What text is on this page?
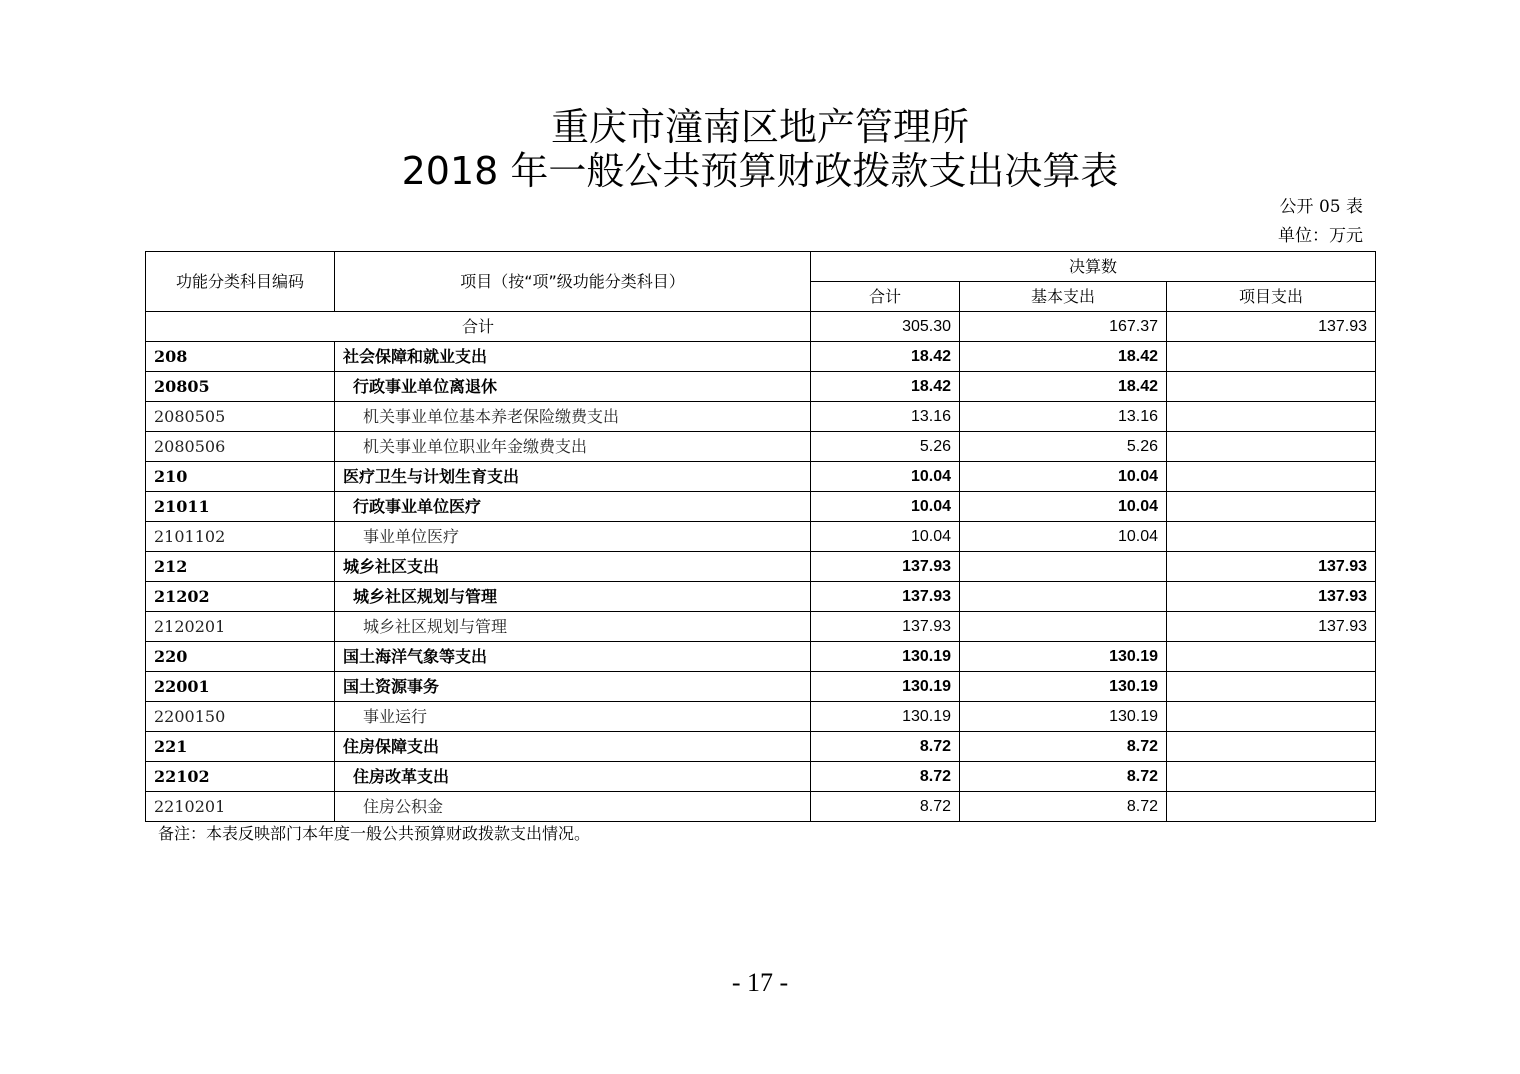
重庆市潼南区地产管理所
2018 年一般公共预算财政拨款支出决算表
公开 05 表
单位：万元
功能分类科目编码	项目（按“项”级功能分类科目）	决算数		
		合计	基本支出	项目支出
合计		305.30	167.37	137.93
208	社会保障和就业支出	18.42	18.42	
20805	行政事业单位离退休	18.42	18.42	
2080505	机关事业单位基本养老保险缴费支出	13.16	13.16	
2080506	机关事业单位职业年金缴费支出	5.26	5.26	
210	医疗卫生与计划生育支出	10.04	10.04	
21011	行政事业单位医疗	10.04	10.04	
2101102	事业单位医疗	10.04	10.04	
212	城乡社区支出	137.93		137.93
21202	城乡社区规划与管理	137.93		137.93
2120201	城乡社区规划与管理	137.93		137.93
220	国土海洋气象等支出	130.19	130.19	
22001	国土资源事务	130.19	130.19	
2200150	事业运行	130.19	130.19	
221	住房保障支出	8.72	8.72	
22102	住房改革支出	8.72	8.72	
2210201	住房公积金	8.72	8.72	
备注：本表反映部门本年度一般公共预算财政拨款支出情况。
- 17 -
